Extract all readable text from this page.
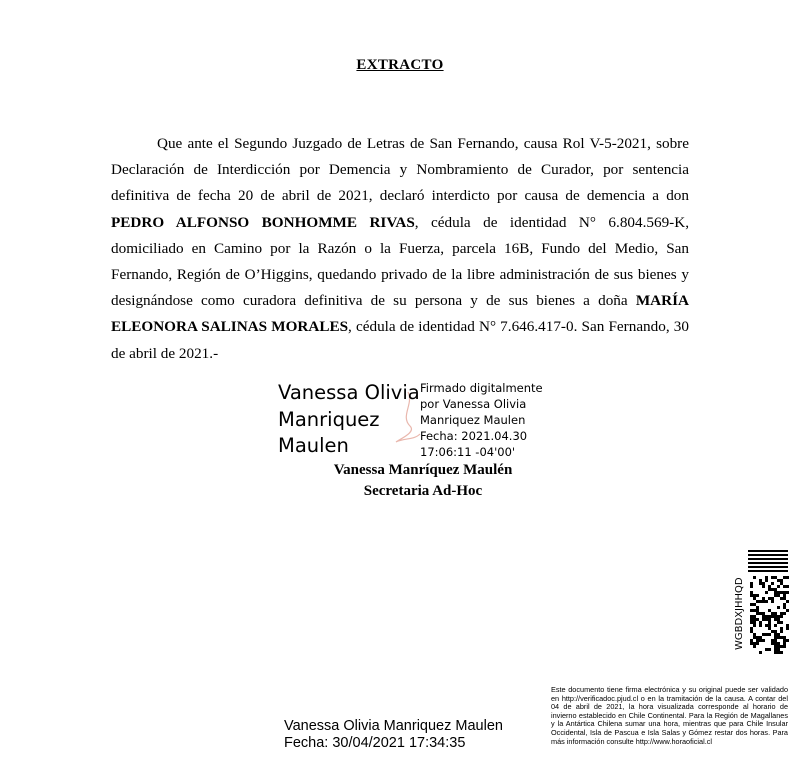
EXTRACTO

Que ante el Segundo Juzgado de Letras de San Fernando, causa Rol V-5-2021, sobre Declaración de Interdicción por Demencia y Nombramiento de Curador, por sentencia definitiva de fecha 20 de abril de 2021, declaró interdicto por causa de demencia a don PEDRO ALFONSO BONHOMME RIVAS, cédula de identidad N° 6.804.569-K, domiciliado en Camino por la Razón o la Fuerza, parcela 16B, Fundo del Medio, San Fernando, Región de O’Higgins, quedando privado de la libre administración de sus bienes y designándose como curadora definitiva de su persona y de sus bienes a doña MARÍA ELEONORA SALINAS MORALES, cédula de identidad N° 7.646.417-0. San Fernando, 30 de abril de 2021.-

Vanessa Olivia
Manriquez
Maulen
Firmado digitalmente
por Vanessa Olivia
Manriquez Maulen
Fecha: 2021.04.30
17:06:11 -04'00'
Vanessa Manríquez Maulén
Secretaria Ad-Hoc
WGBDXJHHQD
Este documento tiene firma electrónica y su original puede ser validado en http://verificadoc.pjud.cl o en la tramitación de la causa. A contar del 04 de abril de 2021, la hora visualizada corresponde al horario de invierno establecido en Chile Continental. Para la Región de Magallanes y la Antártica Chilena sumar una hora, mientras que para Chile Insular Occidental, Isla de Pascua e Isla Salas y Gómez restar dos horas. Para más información consulte http://www.horaoficial.cl
Vanessa Olivia Manriquez Maulen
Fecha: 30/04/2021 17:34:35
